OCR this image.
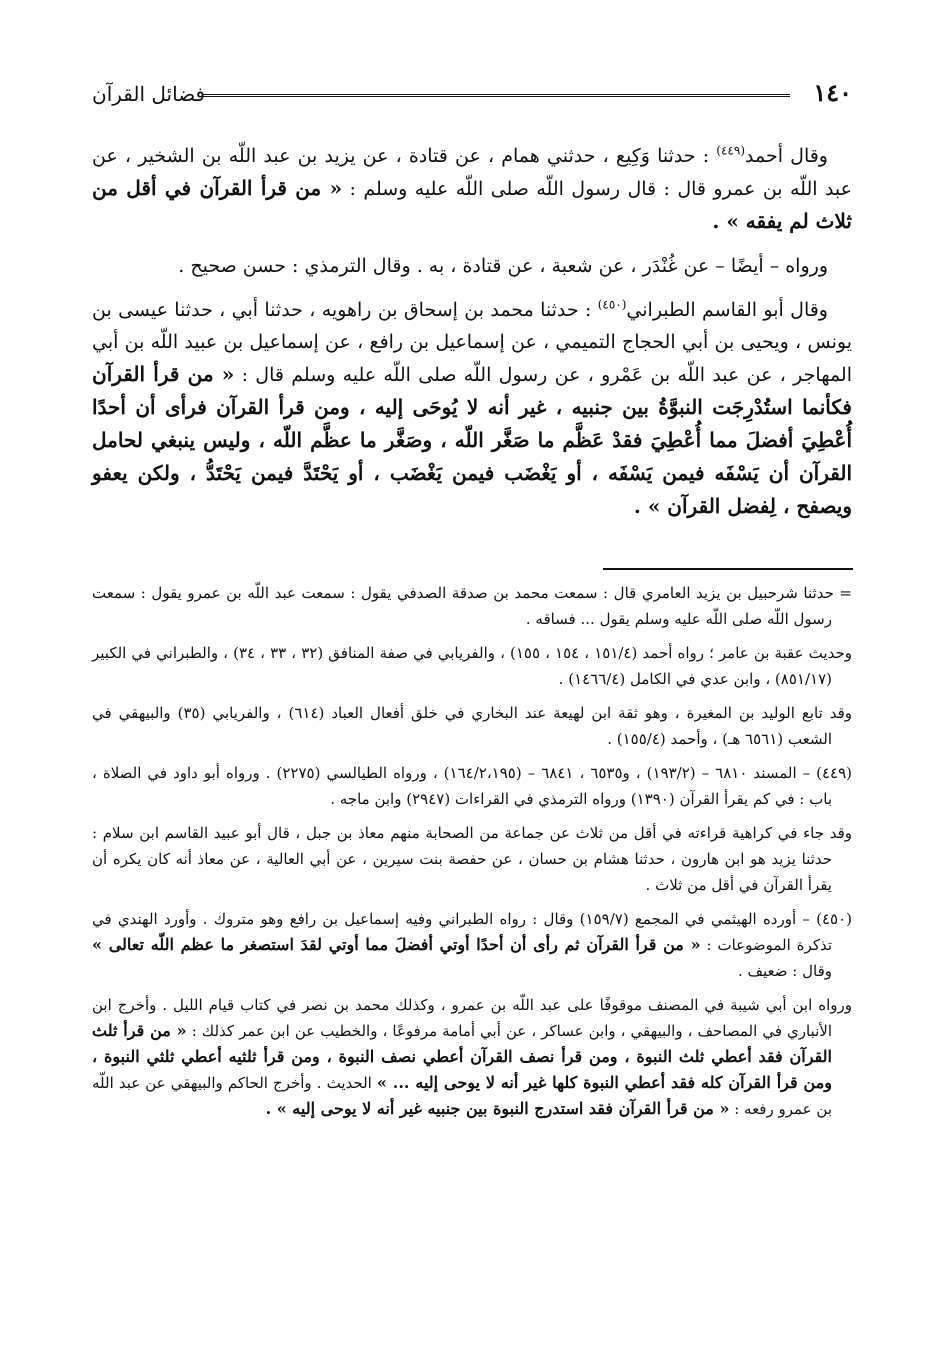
١٤٠
فضائل القرآن

وقال أحمد$^{(٤٤٩)}$ : حدثنا وَكِيع ، حدثني همام ، عن قتادة ، عن يزيد بن عبد اللّه بن الشخير ، عن عبد اللّه بن عمرو قال : قال رسول اللّه صلى اللّه عليه وسلم : « من قرأ القرآن في أقل من ثلاث لم يفقه » .

ورواه – أيضًا – عن غُنْدَر ، عن شعبة ، عن قتادة ، به . وقال الترمذي : حسن صحيح .

وقال أبو القاسم الطبراني$^{(٤٥٠)}$ : حدثنا محمد بن إسحاق بن راهويه ، حدثنا أبي ، حدثنا عيسى بن يونس ، ويحيى بن أبي الحجاج التميمي ، عن إسماعيل بن رافع ، عن إسماعيل بن عبيد اللّه بن أبي المهاجر ، عن عبد اللّه بن عَمْرو ، عن رسول اللّه صلى اللّه عليه وسلم قال : « من قرأ القرآن فكأنما استُدْرِجَت النبوَّةُ بين جنبيه ، غير أنه لا يُوحَى إليه ، ومن قرأ القرآن فرأى أن أحدًا أُعْطِيَ أفضلَ مما أُعْطِيَ فقدْ عَظَّم ما صَغَّر اللّه ، وصَغَّر ما عظَّم اللّه ، وليس ينبغي لحامل القرآن أن يَسْفَه فيمن يَسْفَه ، أو يَغْضَب فيمن يَغْضَب ، أو يَحْتَدَّ فيمن يَحْتَدُّ ، ولكن يعفو ويصفح ، لِفضل القرآن » .

= حدثنا شرحبيل بن يزيد العامري قال : سمعت محمد بن صدقة الصدفي يقول : سمعت عبد اللّه بن عمرو يقول : سمعت رسول اللّه صلى اللّه عليه وسلم يقول ... فساقه .

وحديث عقبة بن عامر ؛ رواه أحمد (١٥١/٤ ، ١٥٤ ، ١٥٥) ، والفريابي في صفة المنافق (٣٢ ، ٣٣ ، ٣٤) ، والطبراني في الكبير (٨٥١/١٧) ، وابن عدي في الكامل (١٤٦٦/٤) .

وقد تابع الوليد بن المغيرة ، وهو ثقة ابن لهيعة عند البخاري في خلق أفعال العباد (٦١٤) ، والفريابي (٣٥) والبيهقي في الشعب (٦٥٦١ هـ) ، وأحمد (١٥٥/٤) .

(٤٤٩) – المسند ٦٨١٠ – (١٩٣/٢) ، و٦٥٣٥ ، ٦٨٤١ – (١٦٤/٢،١٩٥) ، ورواه الطيالسي (٢٢٧٥) . ورواه أبو داود في الصلاة ، باب : في كم يقرأ القرآن (١٣٩٠) ورواه الترمذي في القراءات (٢٩٤٧) وابن ماجه .

وقد جاء في كراهية قراءته في أقل من ثلاث عن جماعة من الصحابة منهم معاذ بن جبل ، قال أبو عبيد القاسم ابن سلام : حدثنا يزيد هو ابن هارون ، حدثنا هشام بن حسان ، عن حفصة بنت سيرين ، عن أبي العالية ، عن معاذ أنه كان يكره أن يقرأ القرآن في أقل من ثلاث .

(٤٥٠) – أورده الهيثمي في المجمع (١٥٩/٧) وقال : رواه الطبراني وفيه إسماعيل بن رافع وهو متروك . وأورد الهندي في تذكرة الموضوعات : « من قرأ القرآن ثم رأى أن أحدًا أوتي أفضلَ مما أوتي لقدَ استصغر ما عظم اللّه تعالى » وقال : ضعيف .

ورواه ابن أبي شيبة في المصنف موقوفًا على عبد اللّه بن عمرو ، وكذلك محمد بن نصر في كتاب قيام الليل . وأخرج ابن الأنباري في المصاحف ، والبيهقي ، وابن عساكر ، عن أبي أمامة مرفوعًا ، والخطيب عن ابن عمر كذلك : « من قرأ ثلث القرآن فقد أعطي ثلث النبوة ، ومن قرأ نصف القرآن أعطي نصف النبوة ، ومن قرأ ثلثيه أعطي ثلثي النبوة ، ومن قرأ القرآن كله فقد أعطي النبوة كلها غير أنه لا يوحى إليه ... » الحديث . وأخرج الحاكم والبيهقي عن عبد اللّه بن عمرو رفعه : « من قرأ القرآن فقد استدرج النبوة بين جنبيه غير أنه لا يوحى إليه » .
